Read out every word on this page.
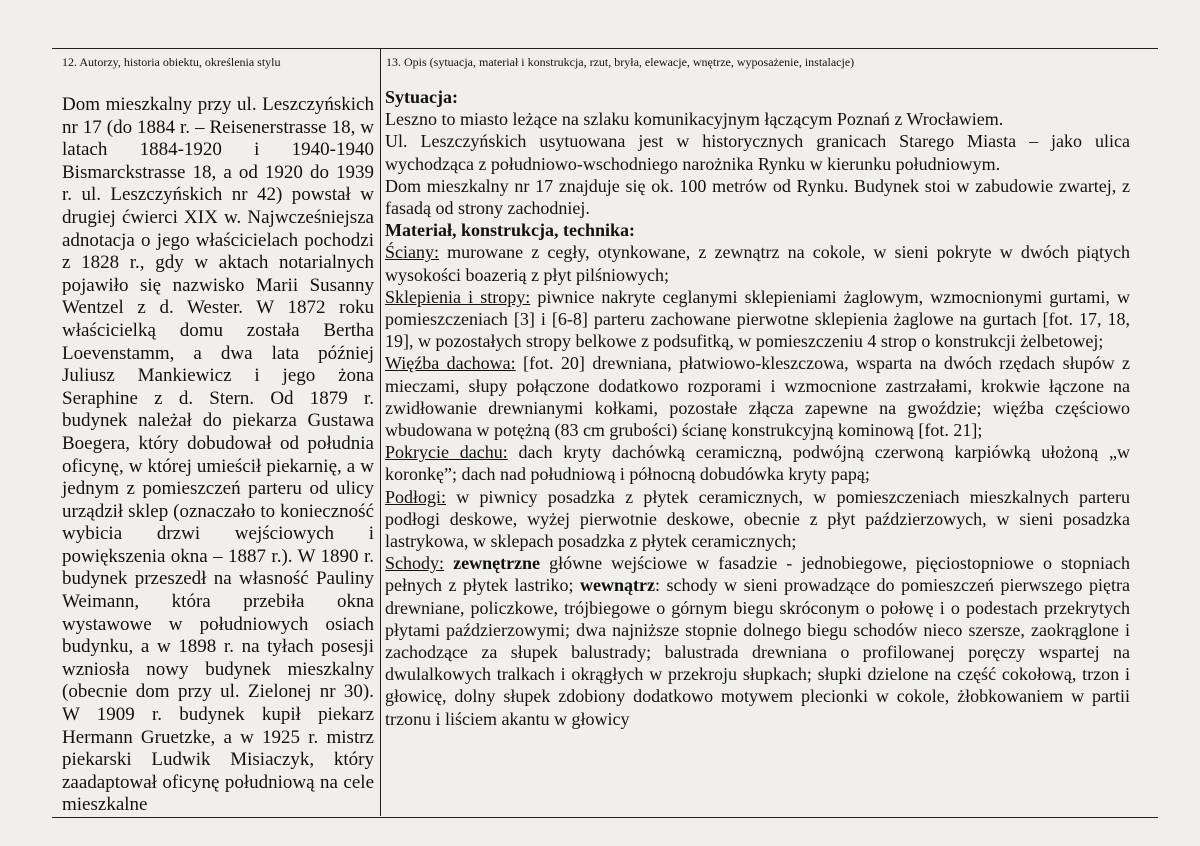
12. Autorzy, historia obiektu, określenia stylu	13. Opis (sytuacja, materiał i konstrukcja, rzut, bryła, elewacje, wnętrze, wyposażenie, instalacje)
Dom mieszkalny przy ul. Leszczyńskich nr 17 (do 1884 r. – Reisenerstrasse 18, w latach 1884-1920 i 1940-1940 Bismarckstrasse 18, a od 1920 do 1939 r. ul. Leszczyńskich nr 42) powstał w drugiej ćwierci XIX w. Najwcześniejsza adnotacja o jego właścicielach pochodzi z 1828 r., gdy w aktach notarialnych pojawiło się nazwisko Marii Susanny Wentzel z d. Wester. W 1872 roku właścicielką domu została Bertha Loevenstamm, a dwa lata później Juliusz Mankiewicz i jego żona Seraphine z d. Stern. Od 1879 r. budynek należał do piekarza Gustawa Boegera, który dobudował od południa oficynę, w której umieścił piekarnię, a w jednym z pomieszczeń parteru od ulicy urządził sklep (oznaczało to konieczność wybicia drzwi wejściowych i powiększenia okna – 1887 r.). W 1890 r. budynek przeszedł na własność Pauliny Weimann, która przebiła okna wystawowe w południowych osiach budynku, a w 1898 r. na tyłach posesji wzniosła nowy budynek mieszkalny (obecnie dom przy ul. Zielonej nr 30). W 1909 r. budynek kupił piekarz Hermann Gruetzke, a w 1925 r. mistrz piekarski Ludwik Misiaczyk, który zaadaptował oficynę południową na cele mieszkalne

Sytuacja:

Leszno to miasto leżące na szlaku komunikacyjnym łączącym Poznań z Wrocławiem.

Ul. Leszczyńskich usytuowana jest w historycznych granicach Starego Miasta – jako ulica wychodząca z południowo-wschodniego narożnika Rynku w kierunku południowym.

Dom mieszkalny nr 17 znajduje się ok. 100 metrów od Rynku. Budynek stoi w zabudowie zwartej, z fasadą od strony zachodniej.

Materiał, konstrukcja, technika:

Ściany: murowane z cegły, otynkowane, z zewnątrz na cokole, w sieni pokryte w dwóch piątych wysokości boazerią z płyt pilśniowych;

Sklepienia i stropy: piwnice nakryte ceglanymi sklepieniami żaglowym, wzmocnionymi gurtami, w pomieszczeniach [3] i [6-8] parteru zachowane pierwotne sklepienia żaglowe na gurtach [fot. 17, 18, 19], w pozostałych stropy belkowe z podsufitką, w pomieszczeniu 4 strop o konstrukcji żelbetowej;

Więźba dachowa: [fot. 20] drewniana, płatwiowo-kleszczowa, wsparta na dwóch rzędach słupów z mieczami, słupy połączone dodatkowo rozporami i wzmocnione zastrzałami, krokwie łączone na zwidłowanie drewnianymi kołkami, pozostałe złącza zapewne na gwoździe; więźba częściowo wbudowana w potężną (83 cm grubości) ścianę konstrukcyjną kominową [fot. 21];

Pokrycie dachu: dach kryty dachówką ceramiczną, podwójną czerwoną karpiówką ułożoną „w koronkę”; dach nad południową i północną dobudówka kryty papą;

Podłogi: w piwnicy posadzka z płytek ceramicznych, w pomieszczeniach mieszkalnych parteru podłogi deskowe, wyżej pierwotnie deskowe, obecnie z płyt paździerzowych, w sieni posadzka lastrykowa, w sklepach posadzka z płytek ceramicznych;

Schody: zewnętrzne główne wejściowe w fasadzie - jednobiegowe, pięciostopniowe o stopniach pełnych z płytek lastriko; wewnątrz: schody w sieni prowadzące do pomieszczeń pierwszego piętra drewniane, policzkowe, trójbiegowe o górnym biegu skróconym o połowę i o podestach przekrytych płytami paździerzowymi; dwa najniższe stopnie dolnego biegu schodów nieco szersze, zaokrąglone i zachodzące za słupek balustrady; balustrada drewniana o profilowanej poręczy wspartej na dwulalkowych tralkach i okrągłych w przekroju słupkach; słupki dzielone na część cokołową, trzon i głowicę, dolny słupek zdobiony dodatkowo motywem plecionki w cokole, żłobkowaniem w partii trzonu i liściem akantu w głowicy
